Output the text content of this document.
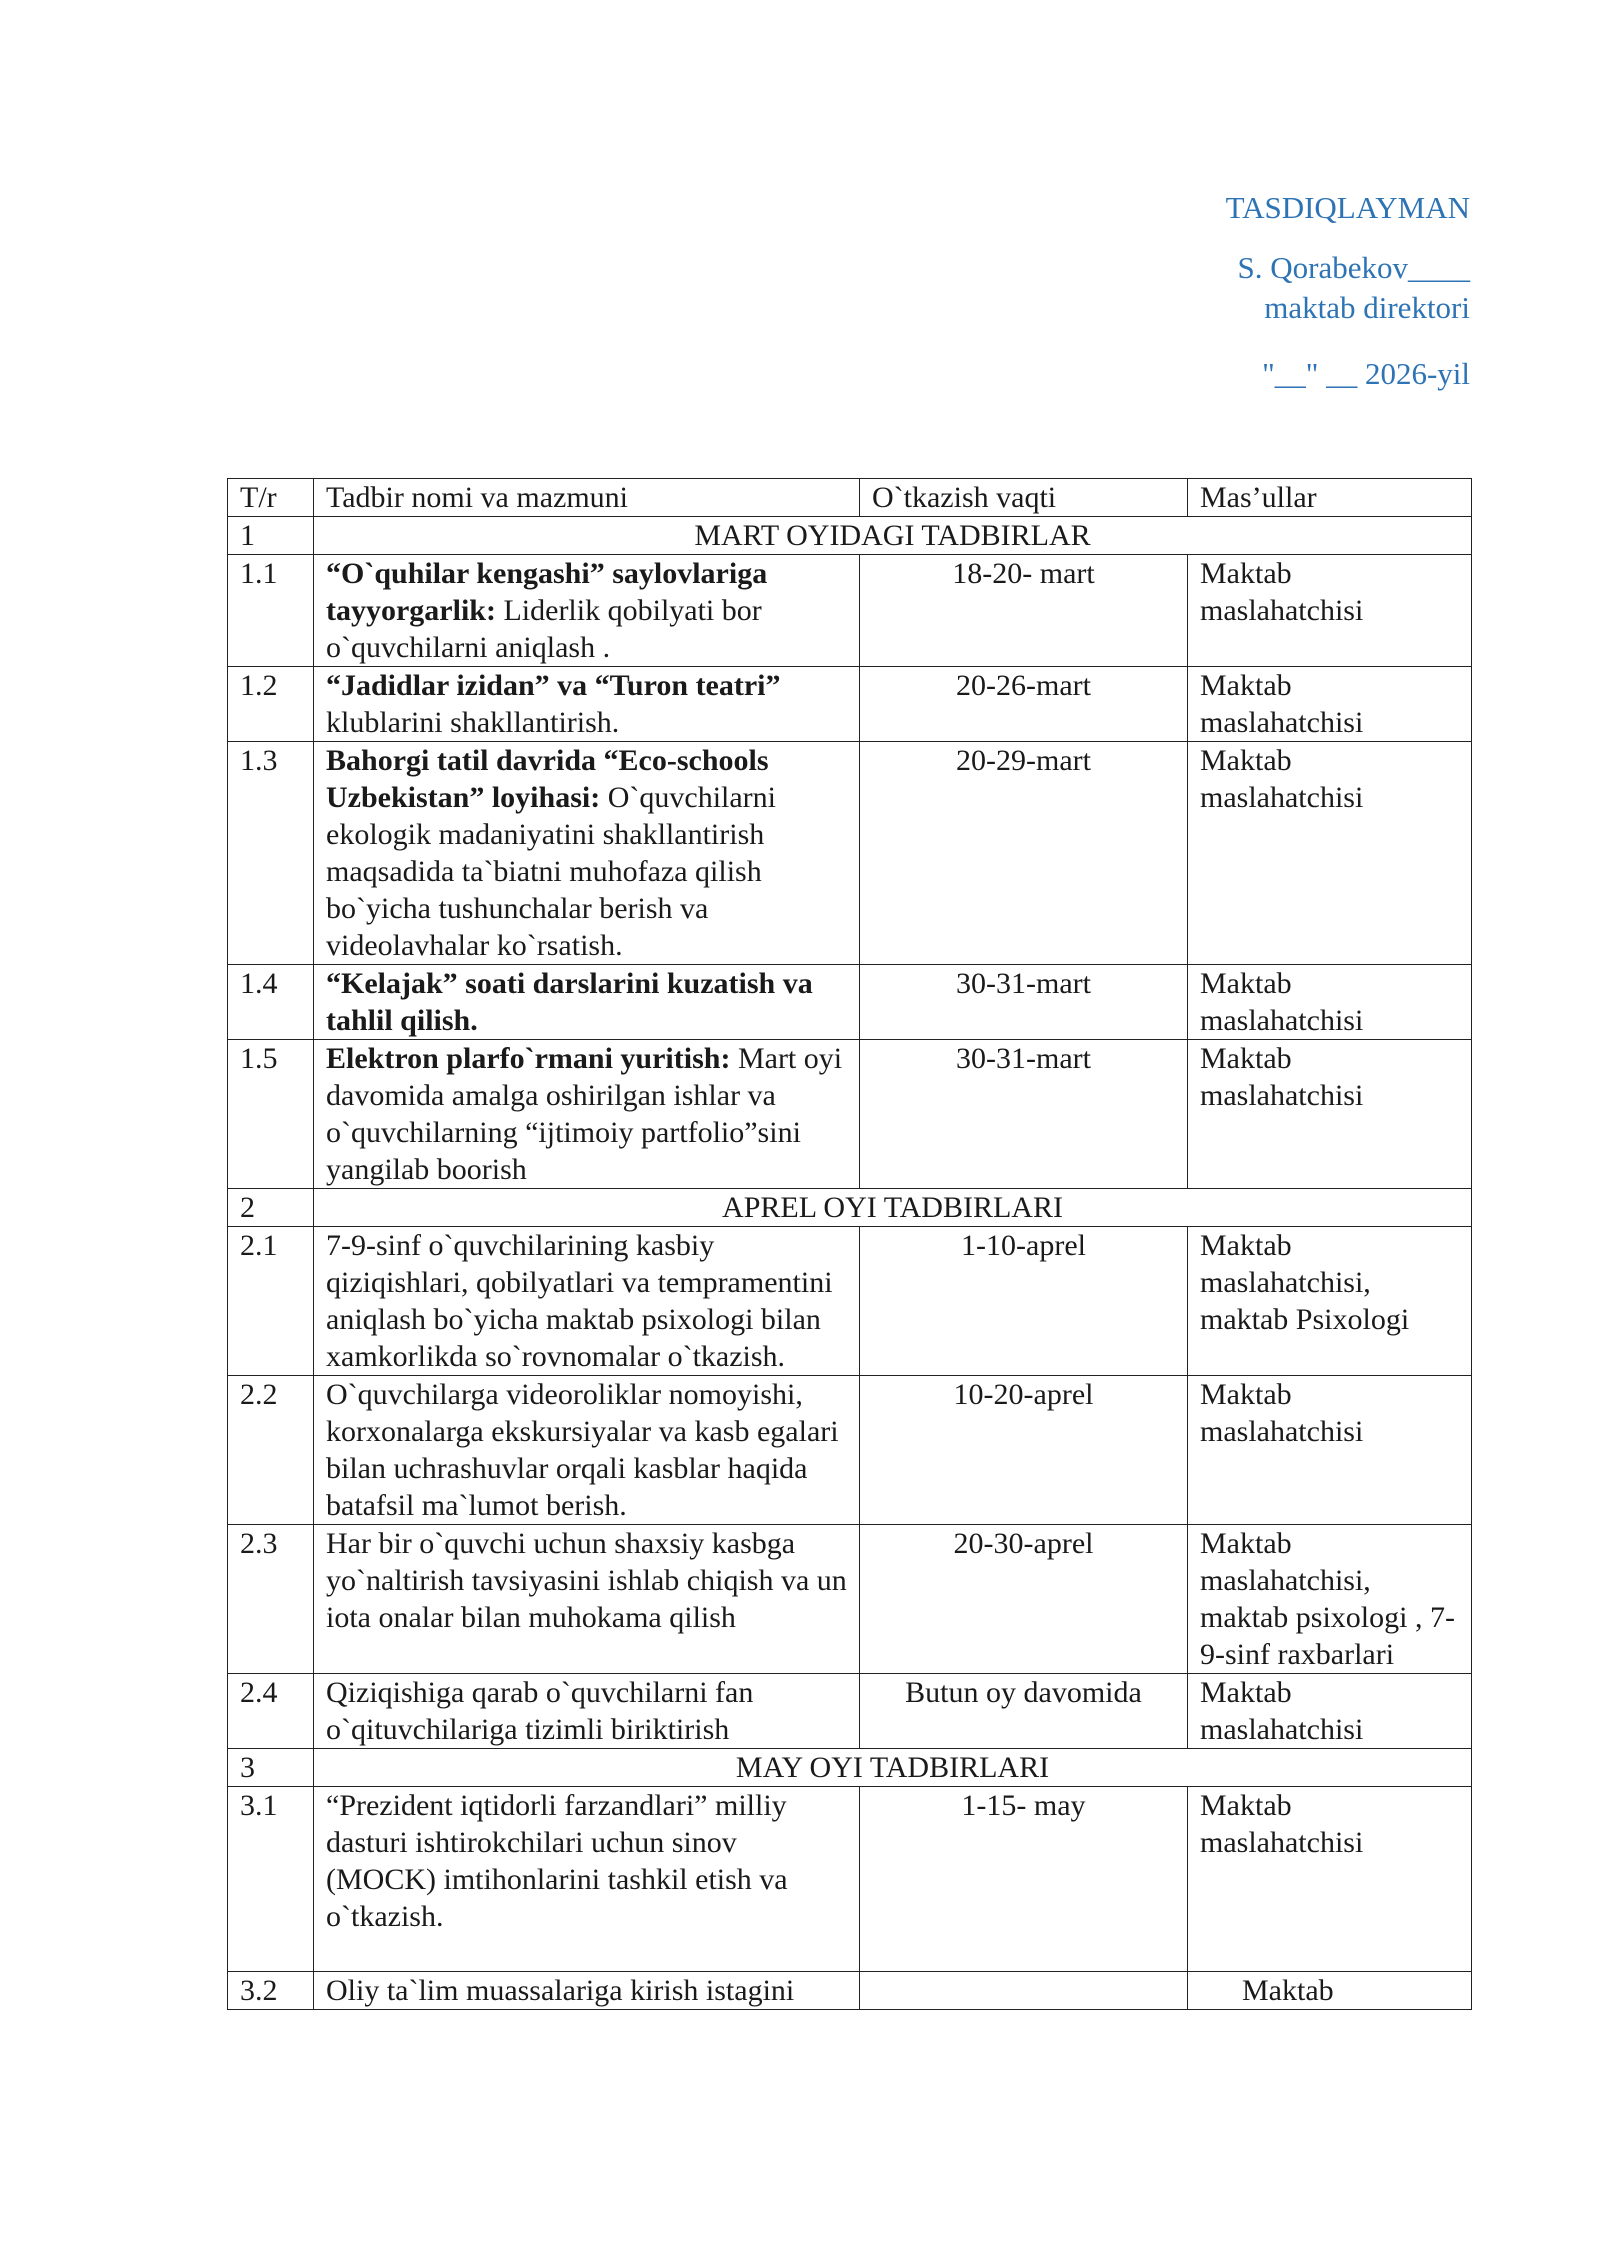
TASDIQLAYMAN
S. Qorabekov____
maktab direktori
"__" __ 2026-yil
T/r	Tadbir nomi va mazmuni	O`tkazish vaqti	Mas’ullar
1	MART OYIDAGI TADBIRLAR		
1.1	“O`quhilar kengashi” saylovlariga tayyorgarlik: Liderlik qobilyati bor o`quvchilarni aniqlash .	18-20- mart	Maktab maslahatchisi
1.2	“Jadidlar izidan” va “Turon teatri” klublarini shakllantirish.	20-26-mart	Maktab maslahatchisi
1.3	Bahorgi tatil davrida “Eco-schools Uzbekistan” loyihasi: O`quvchilarni ekologik madaniyatini shakllantirish maqsadida ta`biatni muhofaza qilish bo`yicha tushunchalar berish va videolavhalar ko`rsatish.	20-29-mart	Maktab maslahatchisi
1.4	“Kelajak” soati darslarini kuzatish va tahlil qilish.	30-31-mart	Maktab maslahatchisi
1.5	Elektron plarfo`rmani yuritish: Mart oyi davomida amalga oshirilgan ishlar va o`quvchilarning “ijtimoiy partfolio”sini yangilab boorish	30-31-mart	Maktab maslahatchisi
2	APREL OYI TADBIRLARI		
2.1	7-9-sinf o`quvchilarining kasbiy qiziqishlari, qobilyatlari va tempramentini aniqlash bo`yicha maktab psixologi bilan xamkorlikda so`rovnomalar o`tkazish.	1-10-aprel	Maktab maslahatchisi, maktab Psixologi
2.2	O`quvchilarga videoroliklar nomoyishi, korxonalarga ekskursiyalar va kasb egalari bilan uchrashuvlar orqali kasblar haqida batafsil ma`lumot berish.	10-20-aprel	Maktab maslahatchisi
2.3	Har bir o`quvchi uchun shaxsiy kasbga yo`naltirish tavsiyasini ishlab chiqish va un iota onalar bilan muhokama qilish	20-30-aprel	Maktab maslahatchisi, maktab psixologi , 7-9-sinf raxbarlari
2.4	Qiziqishiga qarab o`quvchilarni fan o`qituvchilariga tizimli biriktirish	Butun oy davomida	Maktab maslahatchisi
3	MAY OYI TADBIRLARI		
3.1	“Prezident iqtidorli farzandlari” milliy dasturi ishtirokchilari uchun sinov (MOCK) imtihonlarini tashkil etish va o`tkazish.	1-15- may	Maktab maslahatchisi
3.2	Oliy ta`lim muassalariga kirish istagini		Maktab
